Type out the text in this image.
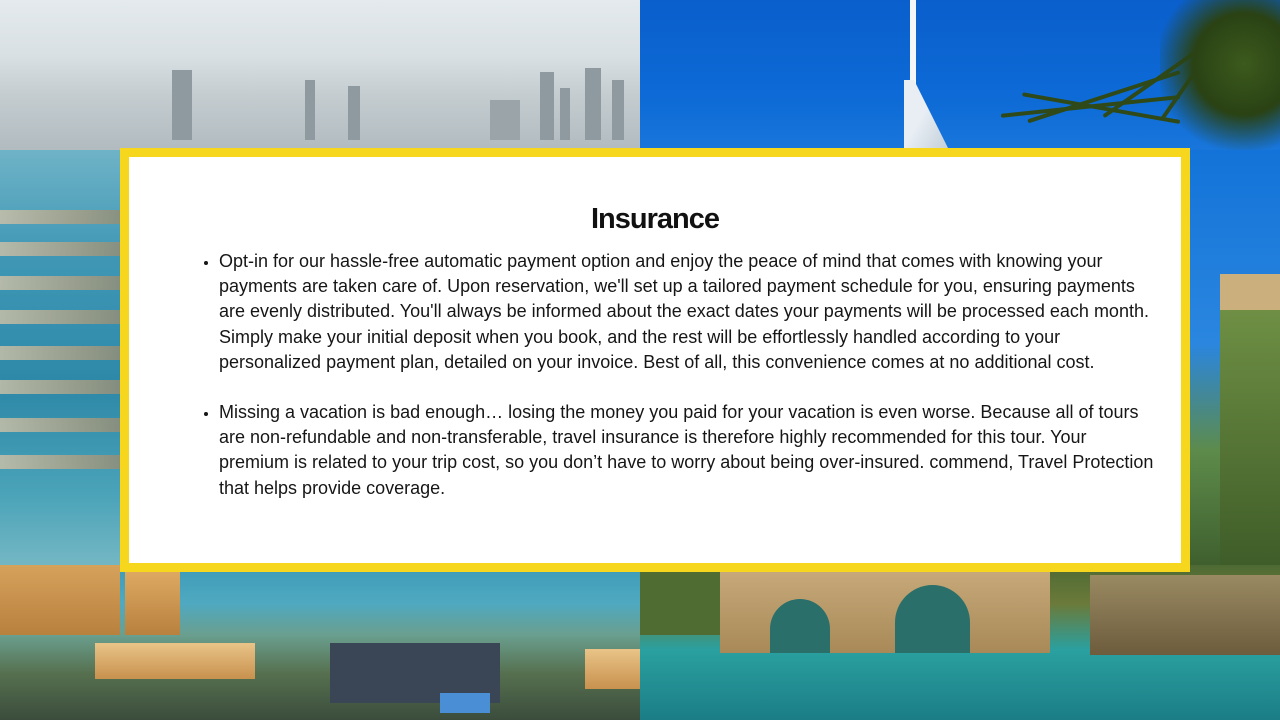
Insurance
• Opt-in for our hassle-free automatic payment option and enjoy the peace of mind that comes with knowing your payments are taken care of. Upon reservation, we'll set up a tailored payment schedule for you, ensuring payments are evenly distributed. You'll always be informed about the exact dates your payments will be processed each month. Simply make your initial deposit when you book, and the rest will be effortlessly handled according to your personalized payment plan, detailed on your invoice. Best of all, this convenience comes at no additional cost.
• Missing a vacation is bad enough… losing the money you paid for your vacation is even worse. Because all of tours are non-refundable and non-transferable, travel insurance is therefore highly recommended for this tour. Your premium is related to your trip cost, so you don’t have to worry about being over-insured. commend, Travel Protection that helps provide coverage.
